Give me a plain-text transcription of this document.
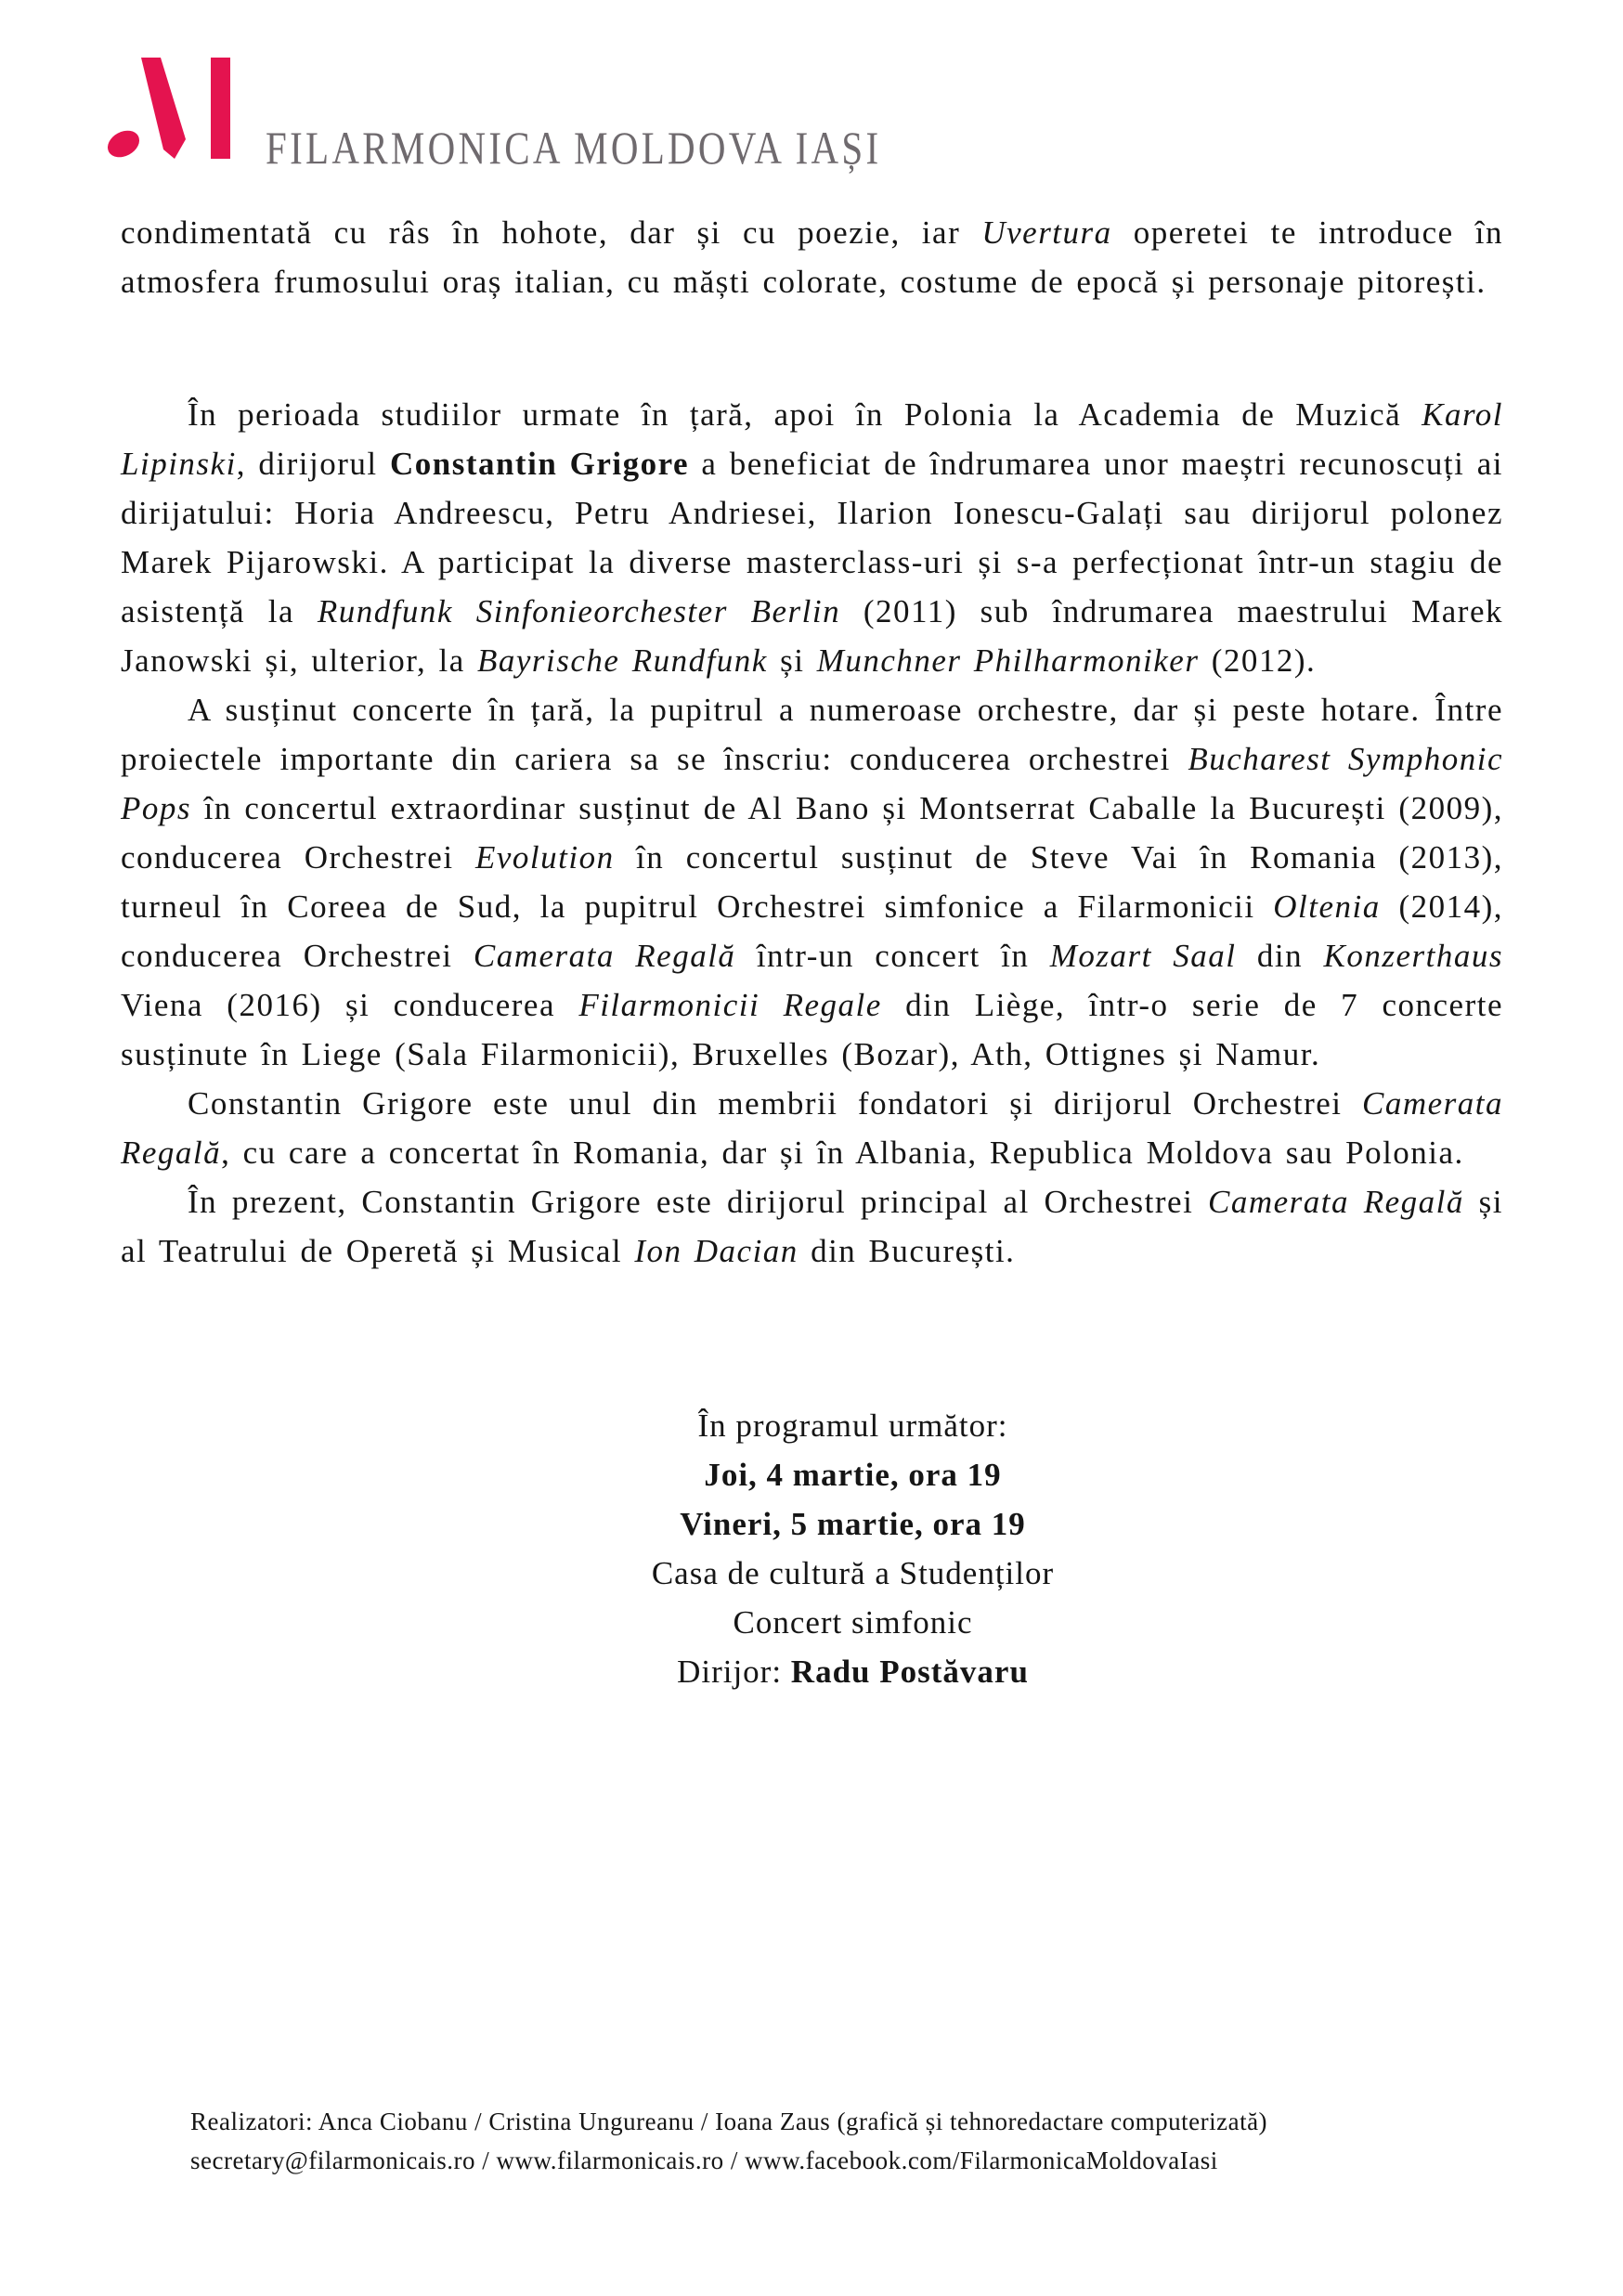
FILARMONICA MOLDOVA IAȘI

condimentată cu râs în hohote, dar și cu poezie, iar Uvertura operetei te introduce în atmosfera frumosului oraș italian, cu măști colorate, costume de epocă și personaje pitorești.

În perioada studiilor urmate în țară, apoi în Polonia la Academia de Muzică Karol Lipinski, dirijorul Constantin Grigore a beneficiat de îndrumarea unor maeștri recunoscuți ai dirijatului: Horia Andreescu, Petru Andriesei, Ilarion Ionescu-Galați sau dirijorul polonez Marek Pijarowski. A participat la diverse masterclass-uri și s-a perfecționat într-un stagiu de asistență la Rundfunk Sinfonieorchester Berlin (2011) sub îndrumarea maestrului Marek Janowski și, ulterior, la Bayrische Rundfunk și Munchner Philharmoniker (2012).

A susținut concerte în țară, la pupitrul a numeroase orchestre, dar și peste hotare. Între proiectele importante din cariera sa se înscriu: conducerea orchestrei Bucharest Symphonic Pops în concertul extraordinar susținut de Al Bano și Montserrat Caballe la București (2009), conducerea Orchestrei Evolution în concertul susținut de Steve Vai în Romania (2013), turneul în Coreea de Sud, la pupitrul Orchestrei simfonice a Filarmonicii Oltenia (2014), conducerea Orchestrei Camerata Regală într-un concert în Mozart Saal din Konzerthaus Viena (2016) și conducerea Filarmonicii Regale din Liège, într-o serie de 7 concerte susținute în Liege (Sala Filarmonicii), Bruxelles (Bozar), Ath, Ottignes și Namur.

Constantin Grigore este unul din membrii fondatori și dirijorul Orchestrei Camerata Regală, cu care a concertat în Romania, dar și în Albania, Republica Moldova sau Polonia.

În prezent, Constantin Grigore este dirijorul principal al Orchestrei Camerata Regală și al Teatrului de Operetă și Musical Ion Dacian din București.

În programul următor:
Joi, 4 martie, ora 19
Vineri, 5 martie, ora 19
Casa de cultură a Studenților
Concert simfonic
Dirijor: Radu Postăvaru
Realizatori: Anca Ciobanu / Cristina Ungureanu / Ioana Zaus (grafică și tehnoredactare computerizată)
secretary@filarmonicais.ro / www.filarmonicais.ro / www.facebook.com/FilarmonicaMoldovaIasi
